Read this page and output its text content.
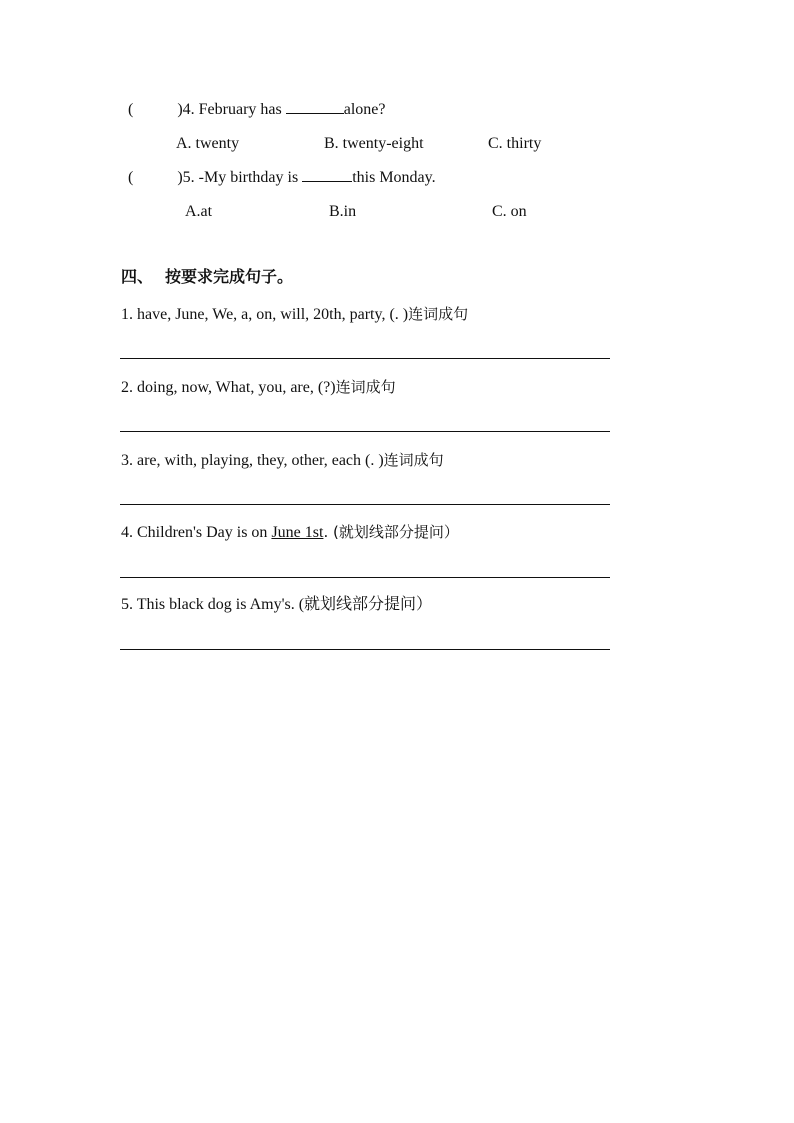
(	)4. February has	alone?
A. twenty	B. twenty-eight	C. thirty
(	)5. -My birthday is	this Monday.
A.at	B.in	C. on
四、 按要求完成句子。
1. have, June, We, a, on, will, 20th, party, (. )连词成句
2. doing, now, What, you, are, (?)连词成句
3. are, with, playing, they, other, each (. )连词成句
4. Children's Day is on June 1st. (就划线部分提问）
5. This black dog is Amy's. (就划线部分提问）
